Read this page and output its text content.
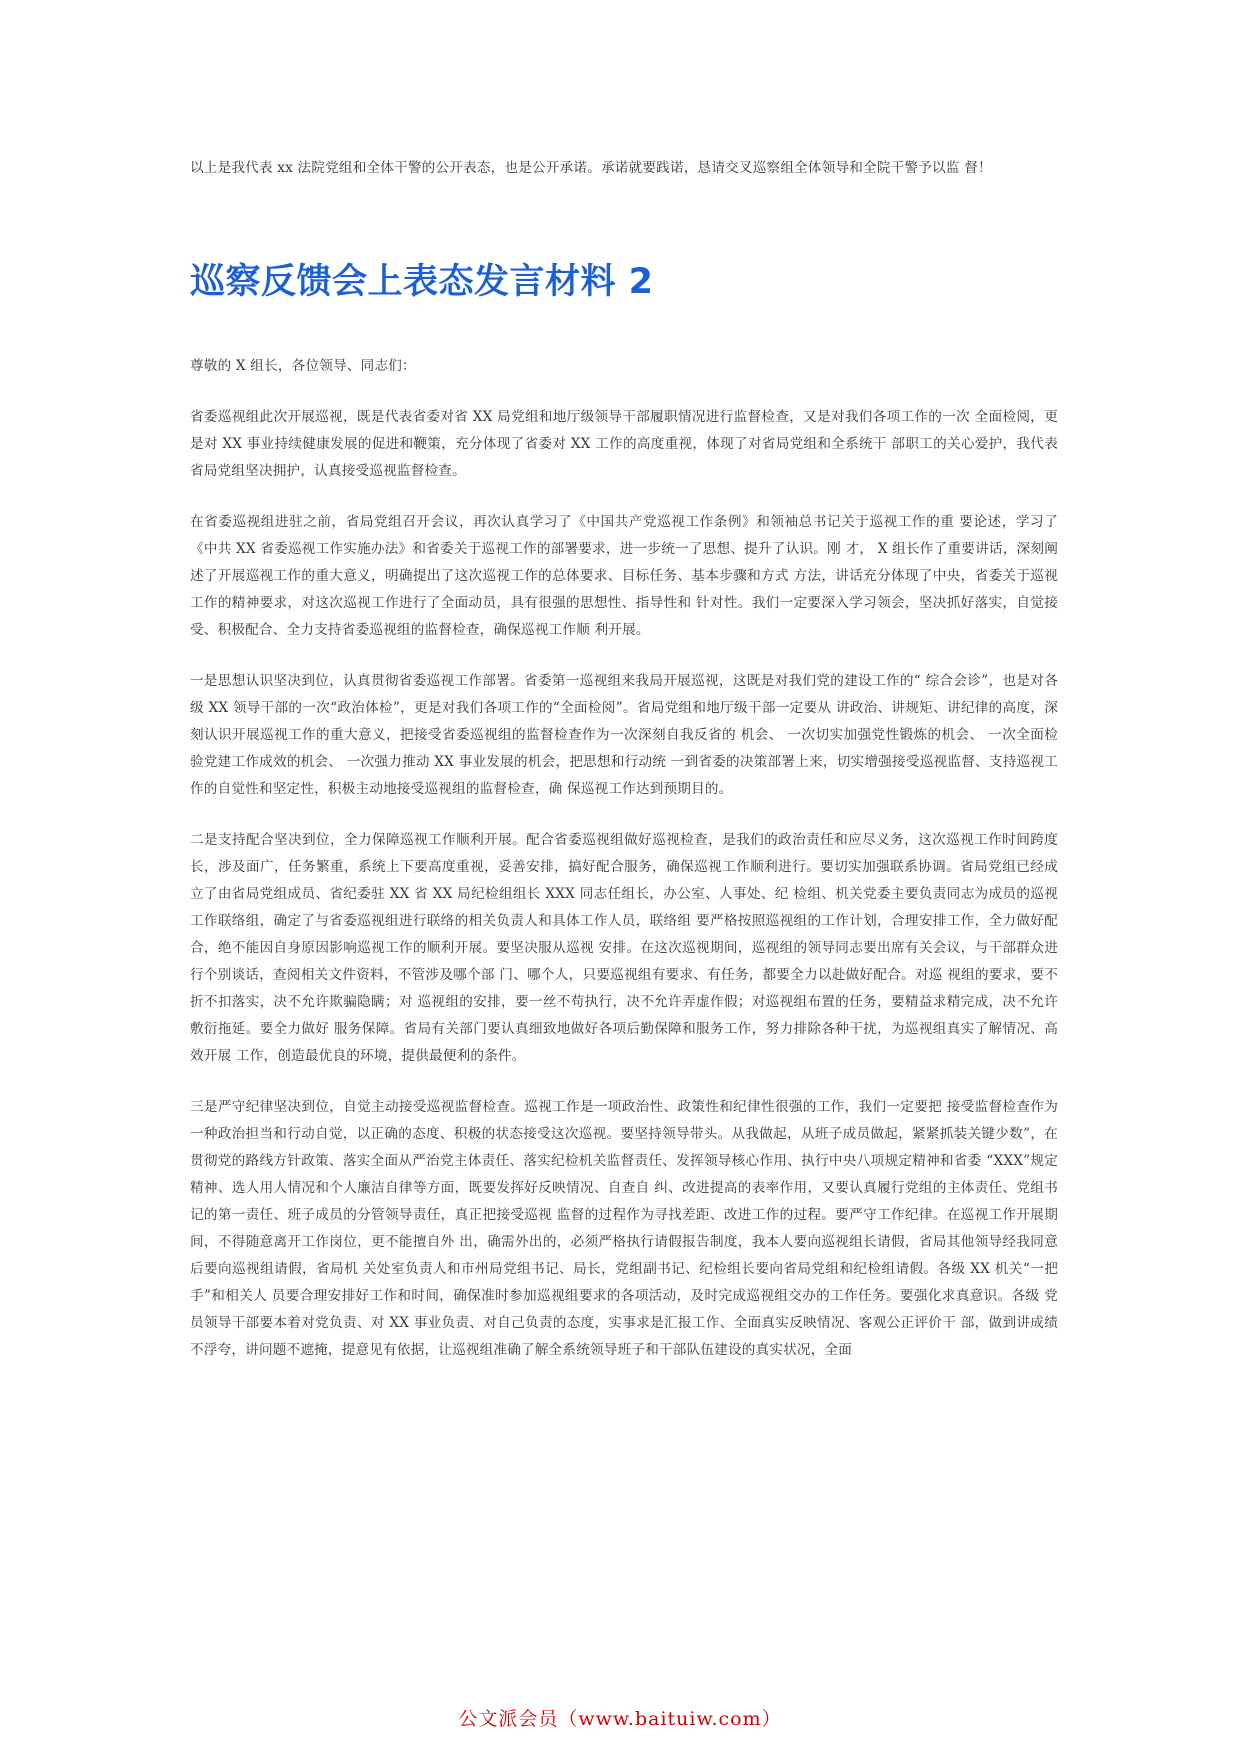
以上是我代表 xx 法院党组和全体干警的公开表态，也是公开承诺。承诺就要践诺，恳请交叉巡察组全体领导和全院干警予以监 督！

巡察反馈会上表态发言材料 2

尊敬的 X 组长，各位领导、同志们：

省委巡视组此次开展巡视，既是代表省委对省 XX 局党组和地厅级领导干部履职情况进行监督检查，又是对我们各项工作的一次 全面检阅，更是对 XX 事业持续健康发展的促进和鞭策，充分体现了省委对 XX 工作的高度重视，体现了对省局党组和全系统干 部职工的关心爱护，我代表省局党组坚决拥护，认真接受巡视监督检查。

在省委巡视组进驻之前，省局党组召开会议，再次认真学习了《中国共产党巡视工作条例》和领袖总书记关于巡视工作的重 要论述，学习了《中共 XX 省委巡视工作实施办法》和省委关于巡视工作的部署要求，进一步统一了思想、提升了认识。刚 才， X 组长作了重要讲话，深刻阐述了开展巡视工作的重大意义，明确提出了这次巡视工作的总体要求、目标任务、基本步骤和方式 方法，讲话充分体现了中央，省委关于巡视工作的精神要求，对这次巡视工作进行了全面动员，具有很强的思想性、指导性和 针对性。我们一定要深入学习领会，坚决抓好落实，自觉接受、积极配合、全力支持省委巡视组的监督检查，确保巡视工作顺 利开展。

一是思想认识坚决到位，认真贯彻省委巡视工作部署。省委第一巡视组来我局开展巡视，这既是对我们党的建设工作的“ 综合会诊”，也是对各级 XX 领导干部的一次“政治体检”，更是对我们各项工作的“全面检阅”。省局党组和地厅级干部一定要从 讲政治、讲规矩、讲纪律的高度，深刻认识开展巡视工作的重大意义，把接受省委巡视组的监督检查作为一次深刻自我反省的 机会、 一次切实加强党性锻炼的机会、 一次全面检验党建工作成效的机会、 一次强力推动 XX 事业发展的机会，把思想和行动统 一到省委的决策部署上来，切实增强接受巡视监督、支持巡视工作的自觉性和坚定性，积极主动地接受巡视组的监督检查，确 保巡视工作达到预期目的。

二是支持配合坚决到位，全力保障巡视工作顺利开展。配合省委巡视组做好巡视检查，是我们的政治责任和应尽义务，这次巡视工作时间跨度长，涉及面广，任务繁重，系统上下要高度重视，妥善安排，搞好配合服务，确保巡视工作顺利进行。要切实加强联系协调。省局党组已经成立了由省局党组成员、省纪委驻 XX 省 XX 局纪检组组长 XXX 同志任组长，办公室、人事处、纪 检组、机关党委主要负责同志为成员的巡视工作联络组，确定了与省委巡视组进行联络的相关负责人和具体工作人员，联络组 要严格按照巡视组的工作计划，合理安排工作，全力做好配合，绝不能因自身原因影响巡视工作的顺利开展。要坚决服从巡视 安排。在这次巡视期间，巡视组的领导同志要出席有关会议，与干部群众进行个别谈话，查阅相关文件资料，不管涉及哪个部 门、哪个人，只要巡视组有要求、有任务，都要全力以赴做好配合。对巡 视组的要求，要不折不扣落实，决不允许欺骗隐瞒；对 巡视组的安排，要一丝不苟执行，决不允许弄虚作假；对巡视组布置的任务，要精益求精完成，决不允许敷衍拖延。要全力做好 服务保障。省局有关部门要认真细致地做好各项后勤保障和服务工作，努力排除各种干扰，为巡视组真实了解情况、高效开展 工作，创造最优良的环境，提供最便利的条件。

三是严守纪律坚决到位，自觉主动接受巡视监督检查。巡视工作是一项政治性、政策性和纪律性很强的工作，我们一定要把 接受监督检查作为一种政治担当和行动自觉，以正确的态度、积极的状态接受这次巡视。要坚持领导带头。从我做起，从班子成员做起，紧紧抓装关键少数”，在贯彻党的路线方针政策、落实全面从严治党主体责任、落实纪检机关监督责任、发挥领导核心作用、执行中央八项规定精神和省委 “XXX”规定精神、选人用人情况和个人廉洁自律等方面，既要发挥好反映情况、自查自 纠、改进提高的表率作用，又要认真履行党组的主体责任、党组书记的第一责任、班子成员的分管领导责任，真正把接受巡视 监督的过程作为寻找差距、改进工作的过程。要严守工作纪律。在巡视工作开展期间，不得随意离开工作岗位，更不能擅自外 出，确需外出的，必须严格执行请假报告制度，我本人要向巡视组长请假，省局其他领导经我同意后要向巡视组请假，省局机 关处室负责人和市州局党组书记、局长，党组副书记、纪检组长要向省局党组和纪检组请假。各级 XX 机关“一把手”和相关人 员要合理安排好工作和时间，确保准时参加巡视组要求的各项活动，及时完成巡视组交办的工作任务。要强化求真意识。各级 党员领导干部要本着对党负责、对 XX 事业负责、对自己负责的态度，实事求是汇报工作、全面真实反映情况、客观公正评价干 部，做到讲成绩不浮夸，讲问题不遮掩，提意见有依据，让巡视组准确了解全系统领导班子和干部队伍建设的真实状况，全面

公文派会员（www.baituiw.com）
